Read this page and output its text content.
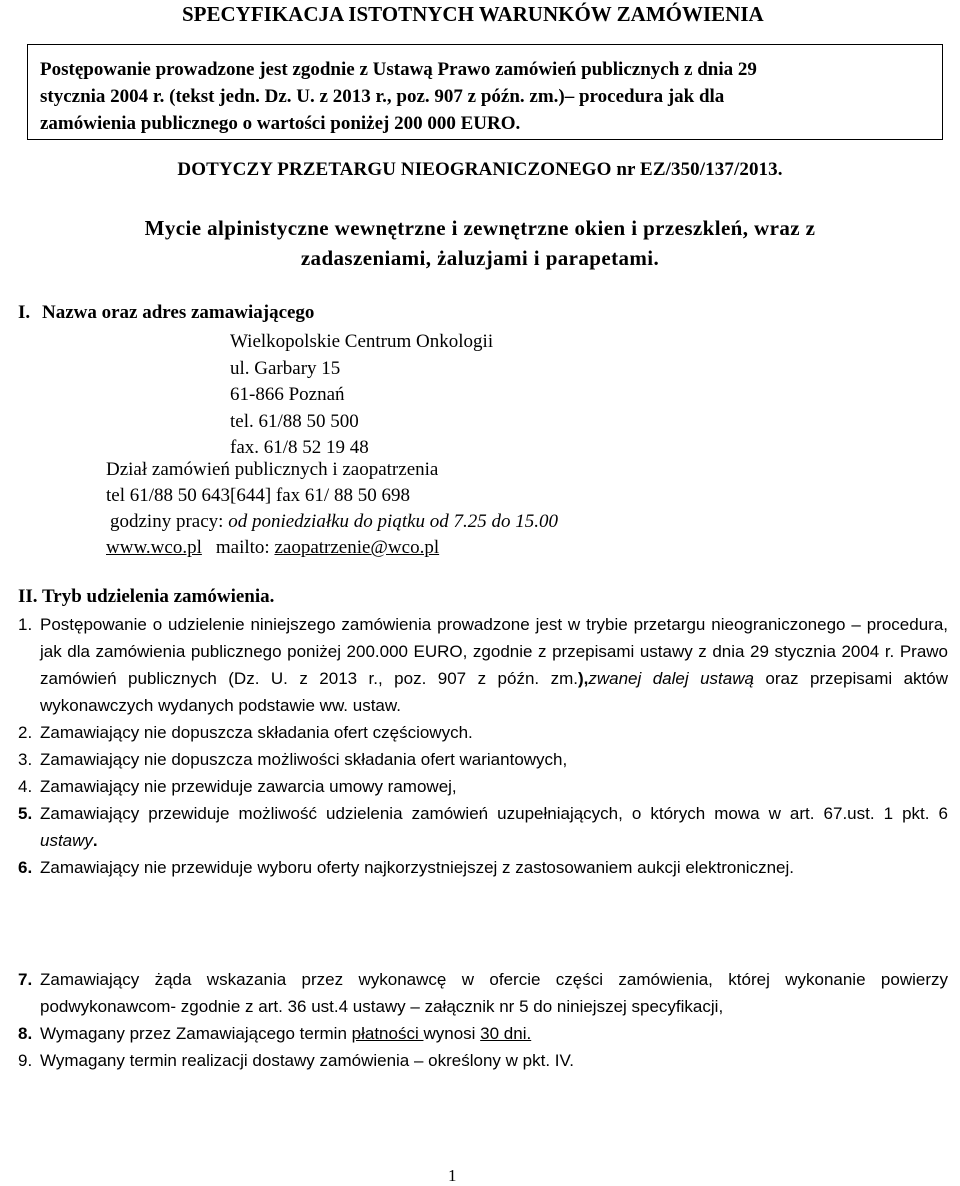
SPECYFIKACJA ISTOTNYCH WARUNKÓW ZAMÓWIENIA
Postępowanie prowadzone jest zgodnie z Ustawą Prawo zamówień publicznych z dnia 29
stycznia 2004 r. (tekst jedn. Dz. U. z 2013 r., poz. 907 z późn. zm.)– procedura jak dla
zamówienia publicznego o wartości poniżej 200 000 EURO.
DOTYCZY PRZETARGU NIEOGRANICZONEGO nr EZ/350/137/2013.
Mycie alpinistyczne wewnętrzne i zewnętrzne okien i przeszkleń, wraz z
zadaszeniami, żaluzjami i parapetami.
I. Nazwa oraz adres zamawiającego
Wielkopolskie Centrum Onkologii
ul. Garbary 15
61-866 Poznań
tel. 61/88 50 500
fax. 61/8 52 19 48
Dział zamówień publicznych i zaopatrzenia
tel 61/88 50 643[644] fax 61/ 88 50 698
godziny pracy: od poniedziałku do piątku od 7.25 do 15.00
www.wco.pl mailto: zaopatrzenie@wco.pl
II. Tryb udzielenia zamówienia.
1. Postępowanie o udzielenie niniejszego zamówienia prowadzone jest w trybie przetargu nieograniczonego – procedura, jak dla zamówienia publicznego poniżej 200.000 EURO, zgodnie z przepisami ustawy z dnia 29 stycznia 2004 r. Prawo zamówień publicznych (Dz. U. z 2013 r., poz. 907 z późn. zm.),zwanej dalej ustawą oraz przepisami aktów wykonawczych wydanych podstawie ww. ustaw.
2. Zamawiający nie dopuszcza składania ofert częściowych.
3. Zamawiający nie dopuszcza możliwości składania ofert wariantowych,
4. Zamawiający nie przewiduje zawarcia umowy ramowej,
5. Zamawiający przewiduje możliwość udzielenia zamówień uzupełniających, o których mowa w art. 67.ust. 1 pkt. 6 ustawy.
6. Zamawiający nie przewiduje wyboru oferty najkorzystniejszej z zastosowaniem aukcji elektronicznej.
7. Zamawiający żąda wskazania przez wykonawcę w ofercie części zamówienia, której wykonanie powierzy podwykonawcom- zgodnie z art. 36 ust.4 ustawy – załącznik nr 5 do niniejszej specyfikacji,
8. Wymagany przez Zamawiającego termin płatności wynosi 30 dni.
9. Wymagany termin realizacji dostawy zamówienia – określony w pkt. IV.
1
